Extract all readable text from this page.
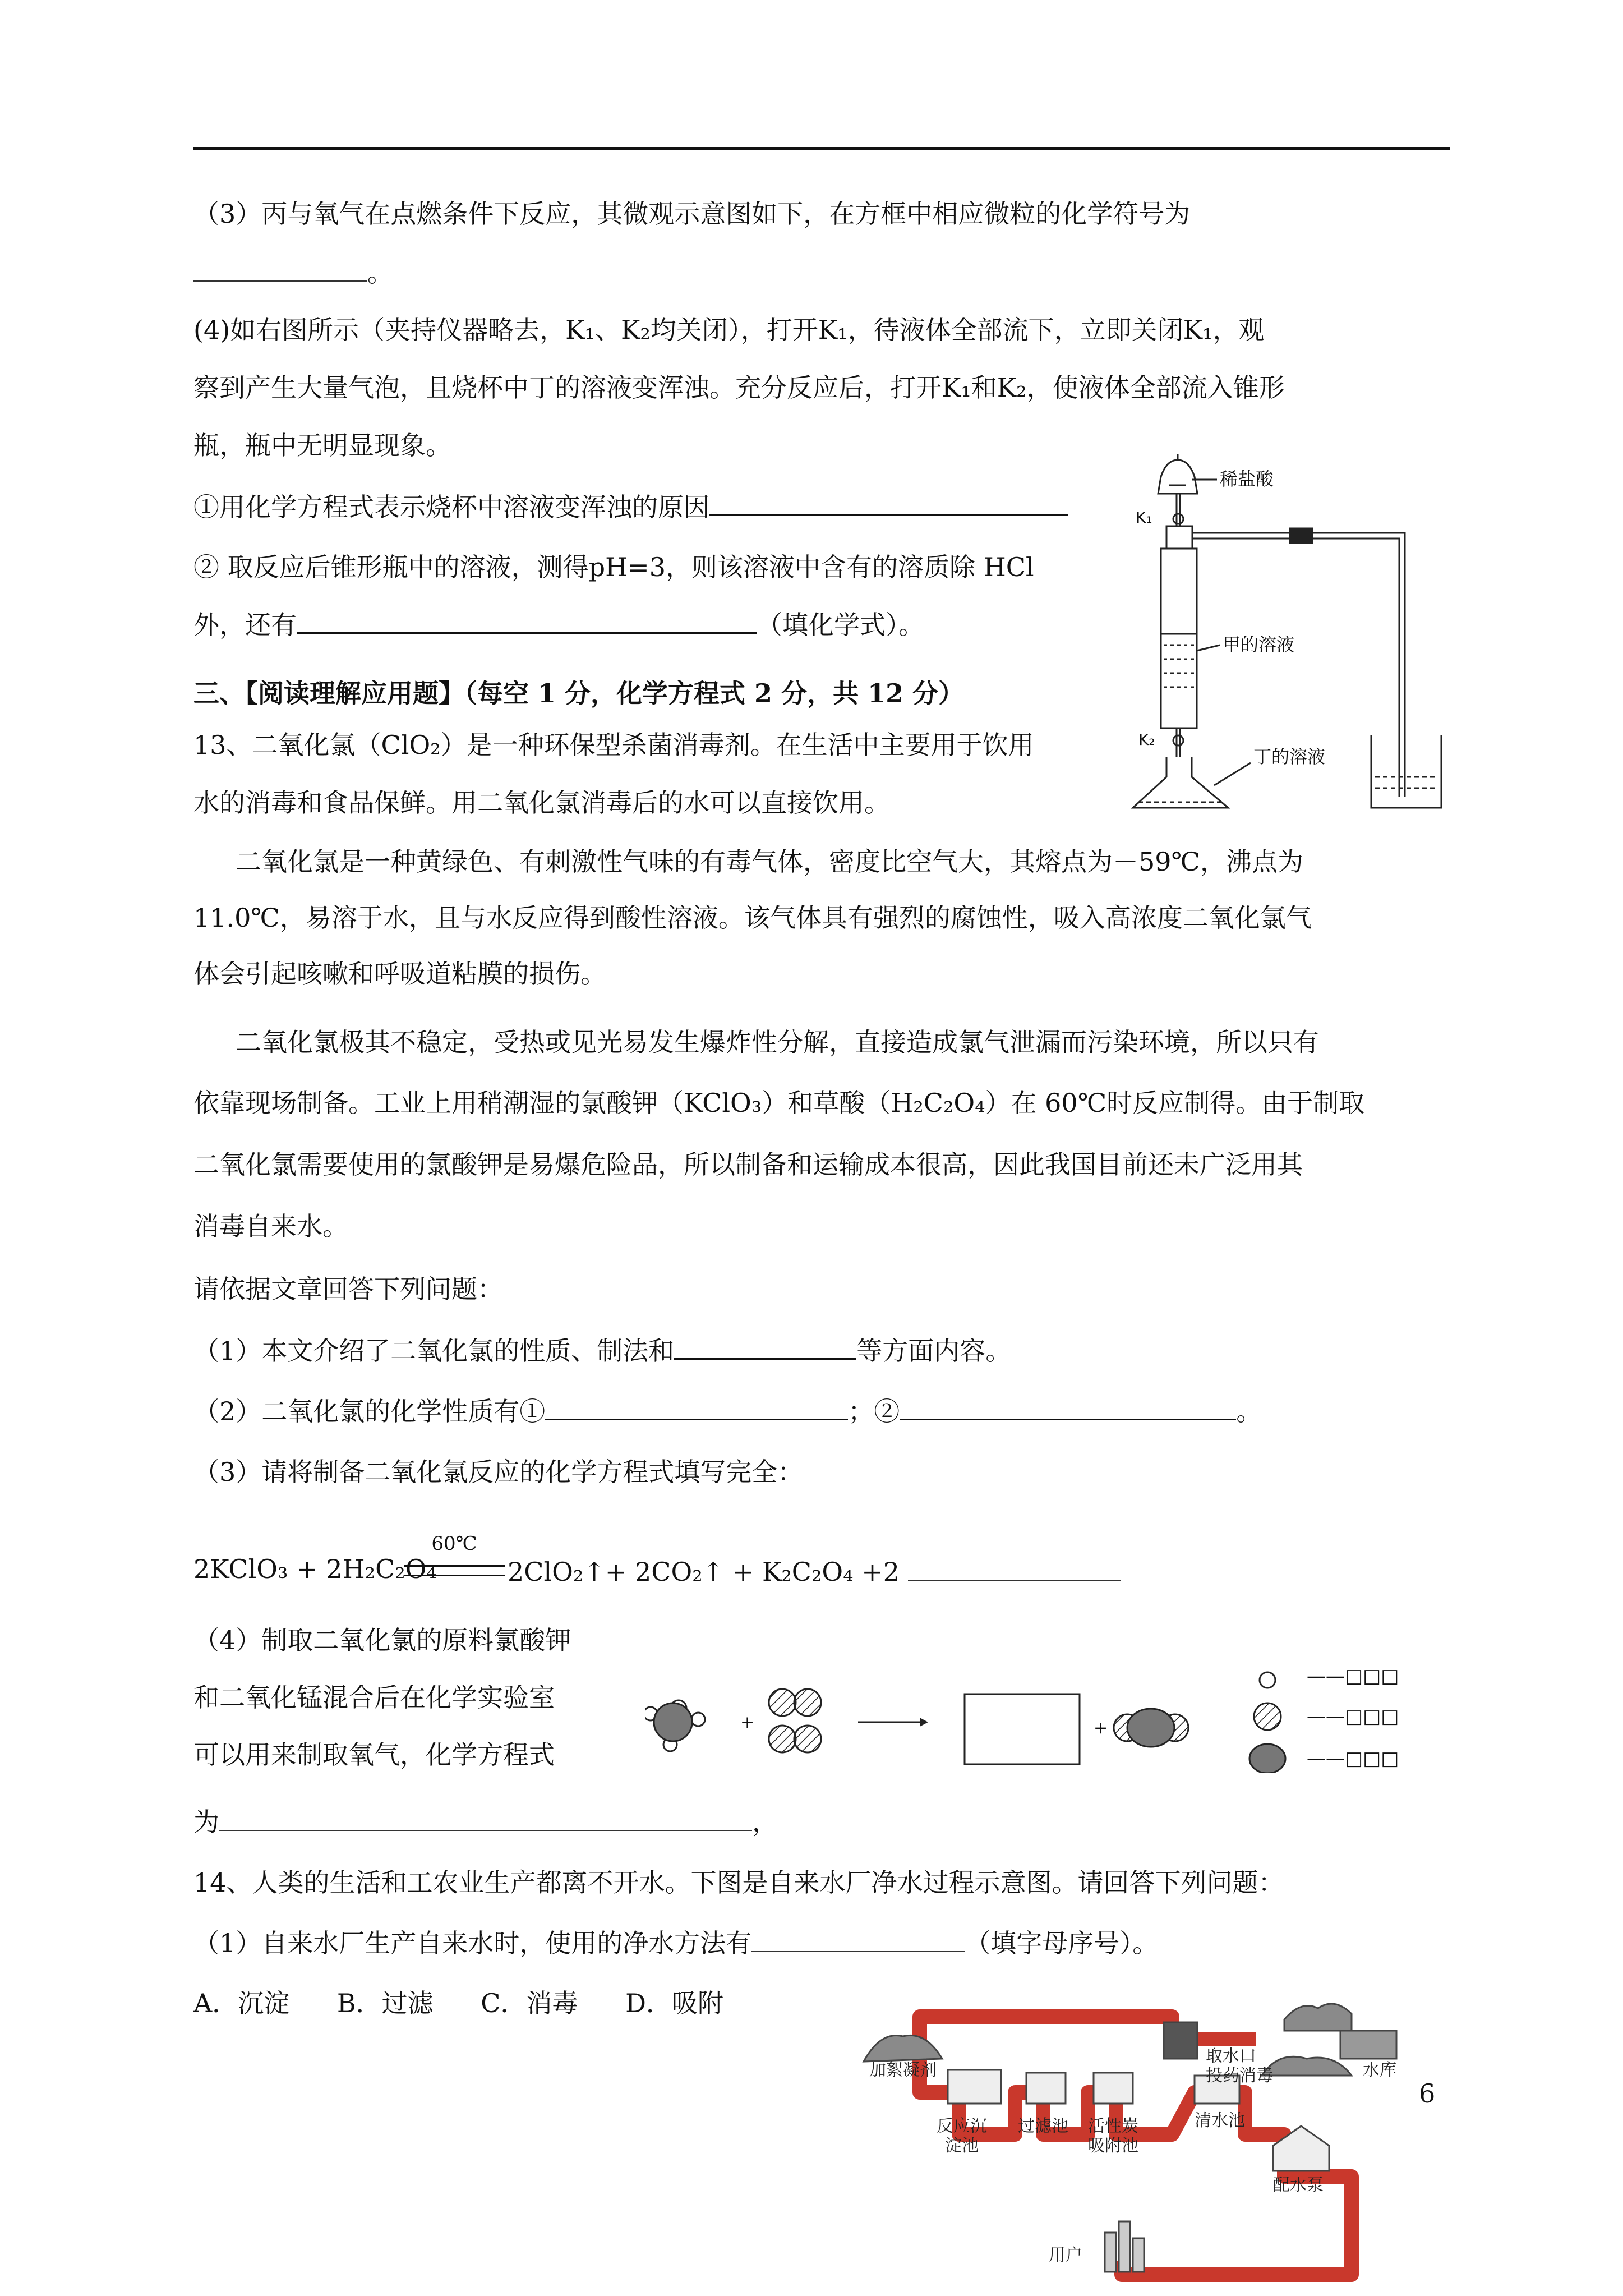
（3）丙与氧气在点燃条件下反应，其微观示意图如下，在方框中相应微粒的化学符号为
。
(4)如右图所示（夹持仪器略去，K₁、K₂均关闭），打开K₁，待液体全部流下，立即关闭K₁，观
察到产生大量气泡，且烧杯中丁的溶液变浑浊。充分反应后，打开K₁和K₂，使液体全部流入锥形
瓶，瓶中无明显现象。
①用化学方程式表示烧杯中溶液变浑浊的原因
② 取反应后锥形瓶中的溶液，测得pH=3，则该溶液中含有的溶质除 HCl
外，还有	（填化学式）。
稀盐酸
K₁
甲的溶液
K₂
丁的溶液
三、【阅读理解应用题】（每空 1 分，化学方程式 2 分，共 12 分）
13、二氧化氯（ClO₂）是一种环保型杀菌消毒剂。在生活中主要用于饮用
水的消毒和食品保鲜。用二氧化氯消毒后的水可以直接饮用。
二氧化氯是一种黄绿色、有刺激性气味的有毒气体，密度比空气大，其熔点为－59℃，沸点为
11.0℃，易溶于水，且与水反应得到酸性溶液。该气体具有强烈的腐蚀性，吸入高浓度二氧化氯气
体会引起咳嗽和呼吸道粘膜的损伤。
二氧化氯极其不稳定，受热或见光易发生爆炸性分解，直接造成氯气泄漏而污染环境，所以只有
依靠现场制备。工业上用稍潮湿的氯酸钾（KClO₃）和草酸（H₂C₂O₄）在 60℃时反应制得。由于制取
二氧化氯需要使用的氯酸钾是易爆危险品，所以制备和运输成本很高，因此我国目前还未广泛用其
消毒自来水。
请依据文章回答下列问题：
（1）本文介绍了二氧化氯的性质、制法和	等方面内容。
（2）二氧化氯的化学性质有①	；②	。
（3）请将制备二氧化氯反应的化学方程式填写完全：
2KClO₃ + 2H₂C₂O₄
60℃
2ClO₂↑+ 2CO₂↑ + K₂C₂O₄ +2
（4）制取二氧化氯的原料氯酸钾
和二氧化锰混合后在化学实验室
可以用来制取氧气，化学方程式
为	，
+	+
——□□□
——□□□
——□□□
14、人类的生活和工农业生产都离不开水。下图是自来水厂净水过程示意图。请回答下列问题：
（1）自来水厂生产自来水时，使用的净水方法有	（填字母序号）。
A．沉淀 B．过滤 C．消毒 D．吸附
取水口
水库
加絮凝剂	投药消毒
反应沉
淀池
过滤池 活性炭
吸附池
清水池
配水泵
用户
6
